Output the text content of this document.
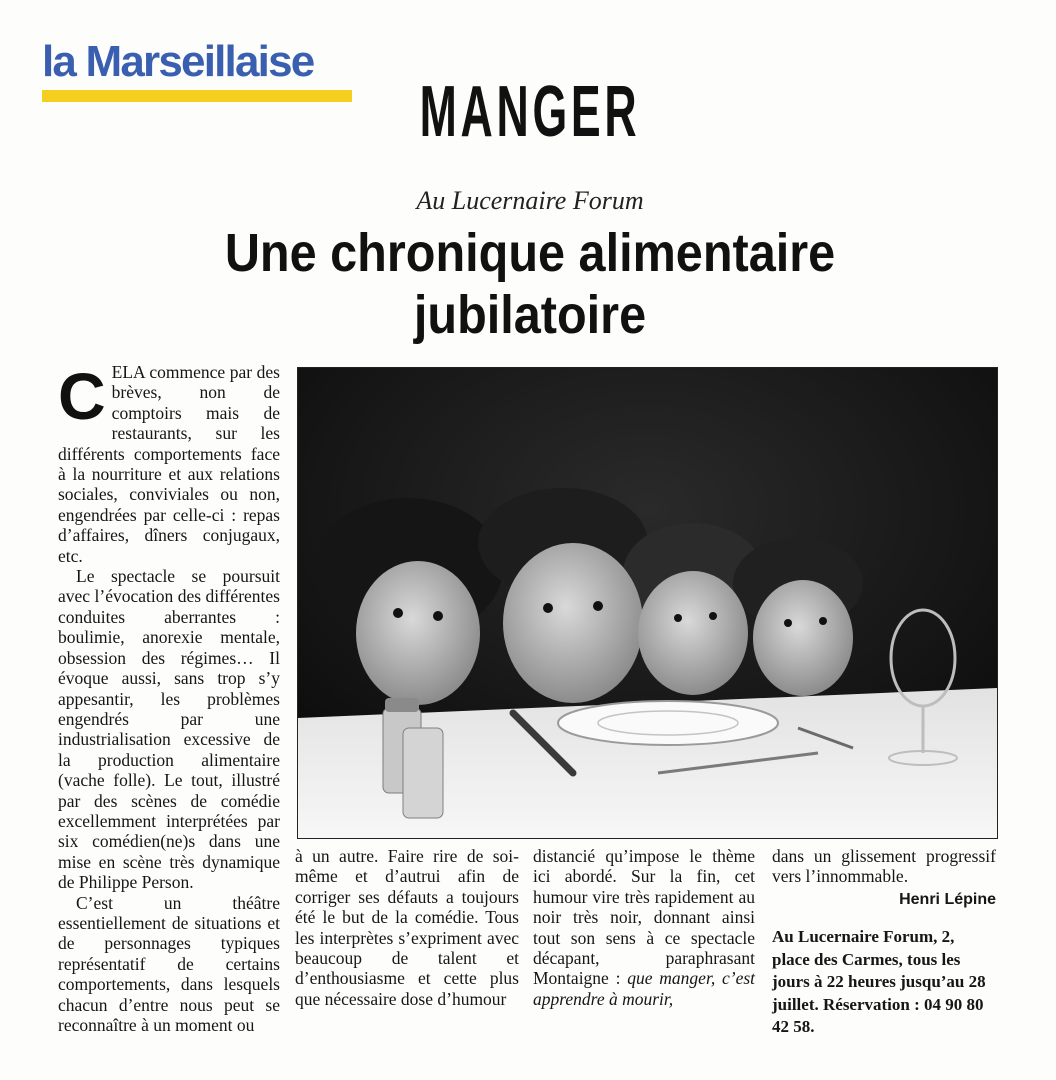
la Marseillaise
MANGER
Au Lucernaire Forum
Une chronique alimentaire
jubilatoire

CELA commence par des brèves, non de comptoirs mais de restaurants, sur les différents comportements face à la nourriture et aux relations sociales, conviviales ou non, engendrées par celle-ci : repas d’affaires, dîners conjugaux, etc.

Le spectacle se poursuit avec l’évocation des différentes conduites aberrantes : boulimie, anorexie mentale, obsession des régimes… Il évoque aussi, sans trop s’y appesantir, les problèmes engendrés par une industrialisation excessive de la production alimentaire (vache folle). Le tout, illustré par des scènes de comédie excellemment interprétées par six comédien(ne)s dans une mise en scène très dynamique de Philippe Person.

C’est un théâtre essentiellement de situations et de personnages typiques représentatif de certains comportements, dans lesquels chacun d’entre nous peut se reconnaître à un moment ou

à un autre. Faire rire de soi-même et d’autrui afin de corriger ses défauts a toujours été le but de la comédie. Tous les interprètes s’expriment avec beaucoup de talent et d’enthousiasme et cette plus que nécessaire dose d’humour

distancié qu’impose le thème ici abordé. Sur la fin, cet humour vire très rapidement au noir très noir, donnant ainsi tout son sens à ce spectacle décapant, paraphrasant Montaigne : que manger, c’est apprendre à mourir,

dans un glissement progressif vers l’innommable.

Henri Lépine
Au Lucernaire Forum, 2, place des Carmes, tous les jours à 22 heures jusqu’au 28 juillet. Réservation : 04 90 80 42 58.
